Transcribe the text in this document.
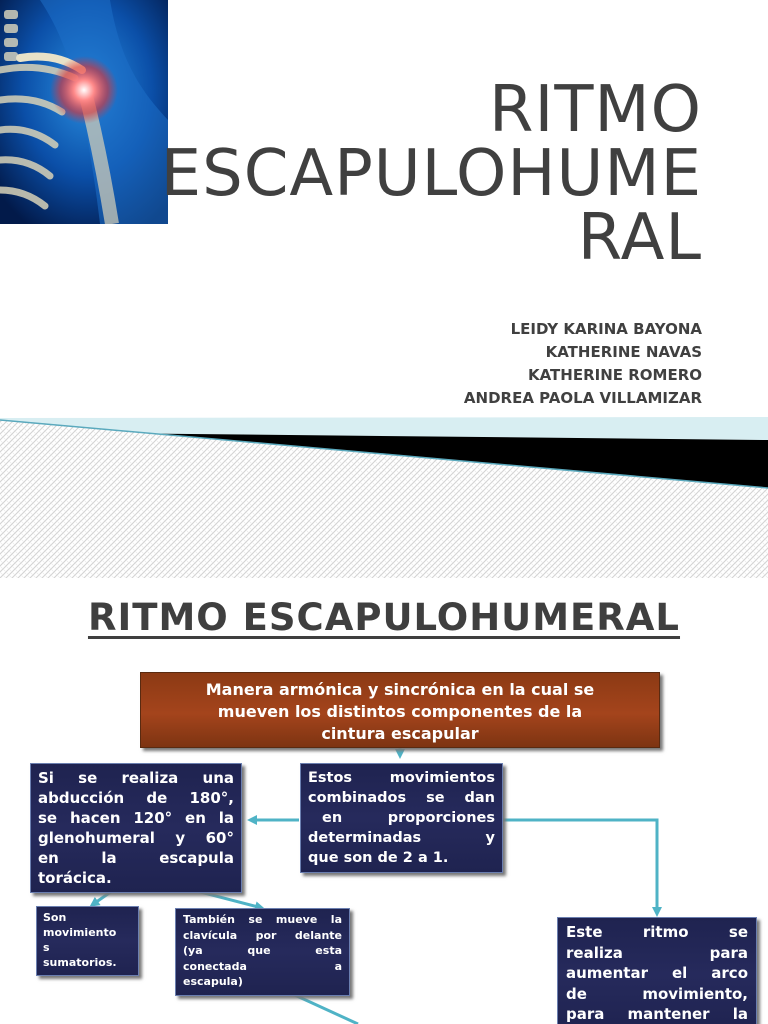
RITMO
ESCAPULOHUME
RAL
LEIDY KARINA BAYONA
KATHERINE NAVAS
KATHERINE ROMERO
ANDREA PAOLA VILLAMIZAR
RITMO ESCAPULOHUMERAL
Manera armónica y sincrónica en la cual se
mueven los distintos componentes de la
cintura escapular
Si se realiza una
abducción de 180°,
se hacen 120° en la
glenohumeral y 60°
en la escapula
torácica.
Estos movimientos
combinados se dan
en proporciones
determinadas y
que son de 2 a 1.
Son
movimiento
s
sumatorios.
También se mueve la
clavícula por delante
(ya que esta
conectada a
escapula)
Este ritmo se
realiza para
aumentar el arco
de movimiento,
para mantener la
